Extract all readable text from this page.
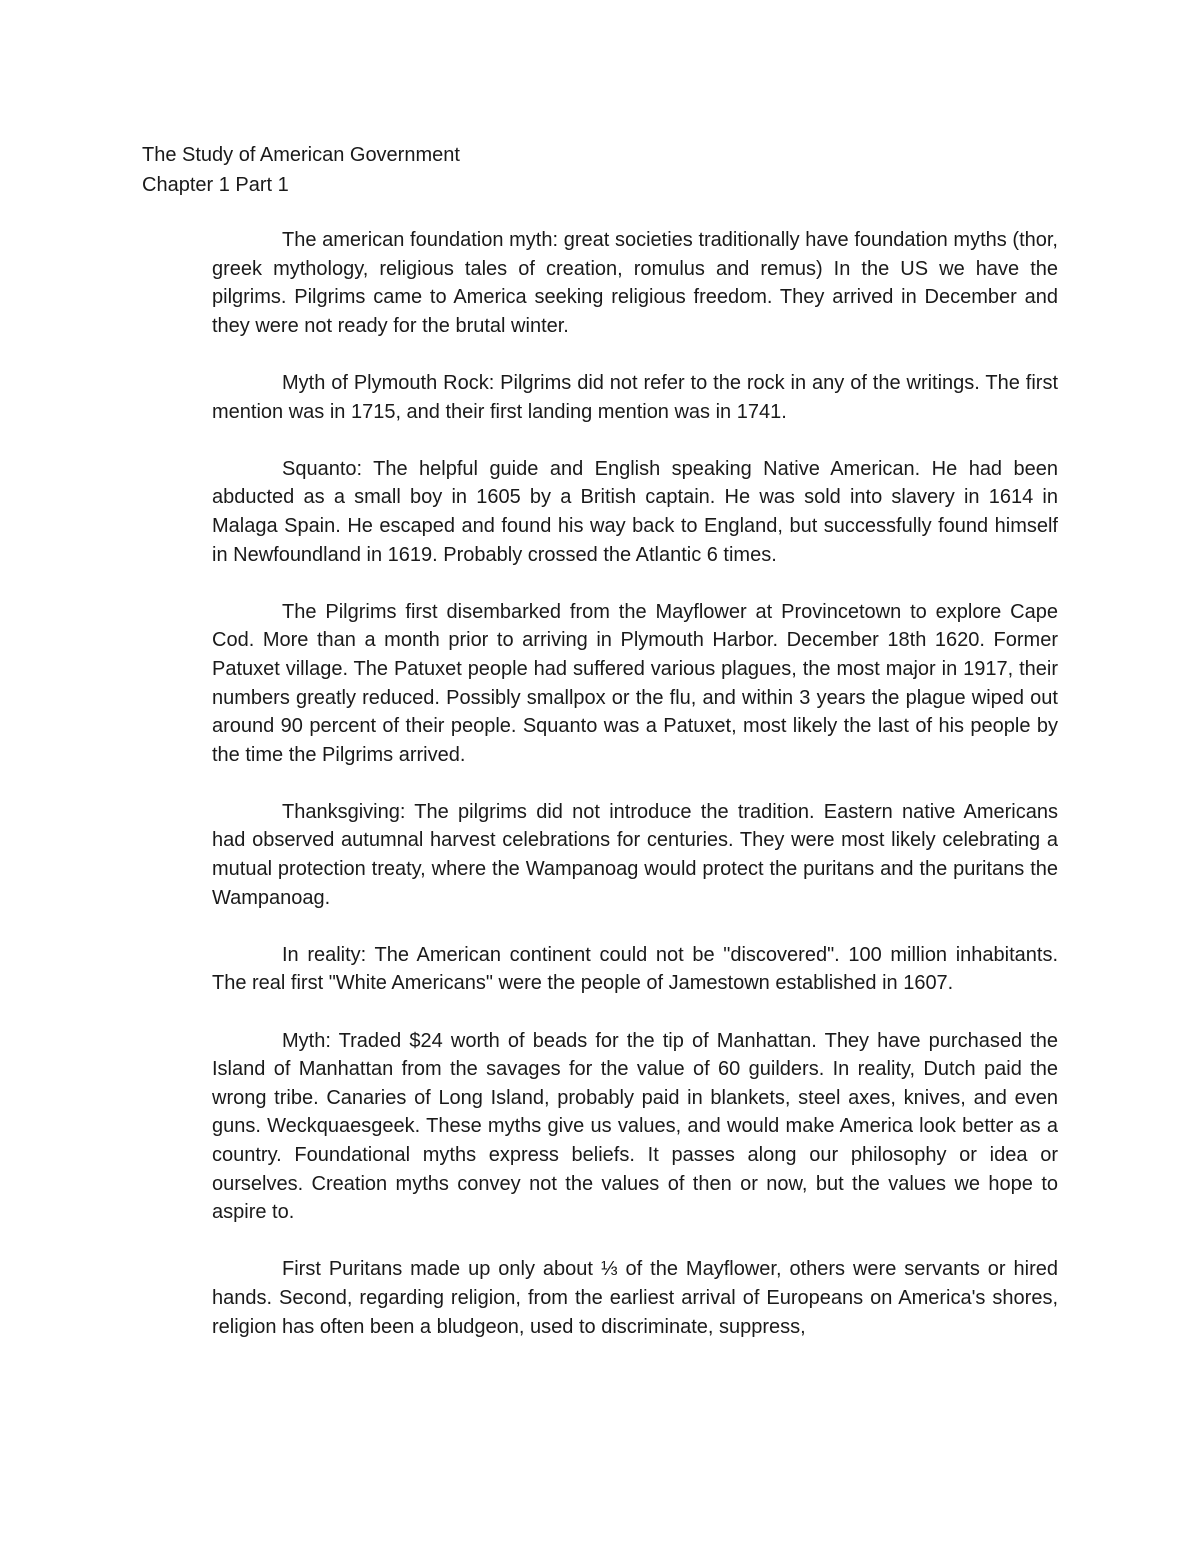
The Study of American Government
Chapter 1 Part 1

The american foundation myth: great societies traditionally have foundation myths (thor, greek mythology, religious tales of creation, romulus and remus) In the US we have the pilgrims. Pilgrims came to America seeking religious freedom. They arrived in December and they were not ready for the brutal winter.

Myth of Plymouth Rock: Pilgrims did not refer to the rock in any of the writings. The first mention was in 1715, and their first landing mention was in 1741.

Squanto: The helpful guide and English speaking Native American. He had been abducted as a small boy in 1605 by a British captain. He was sold into slavery in 1614 in Malaga Spain. He escaped and found his way back to England, but successfully found himself in Newfoundland in 1619. Probably crossed the Atlantic 6 times.

The Pilgrims first disembarked from the Mayflower at Provincetown to explore Cape Cod. More than a month prior to arriving in Plymouth Harbor. December 18th 1620. Former Patuxet village. The Patuxet people had suffered various plagues, the most major in 1917, their numbers greatly reduced. Possibly smallpox or the flu, and within 3 years the plague wiped out around 90 percent of their people. Squanto was a Patuxet, most likely the last of his people by the time the Pilgrims arrived.

Thanksgiving: The pilgrims did not introduce the tradition. Eastern native Americans had observed autumnal harvest celebrations for centuries. They were most likely celebrating a mutual protection treaty, where the Wampanoag would protect the puritans and the puritans the Wampanoag.

In reality: The American continent could not be "discovered". 100 million inhabitants. The real first "White Americans" were the people of Jamestown established in 1607.

Myth: Traded $24 worth of beads for the tip of Manhattan. They have purchased the Island of Manhattan from the savages for the value of 60 guilders. In reality, Dutch paid the wrong tribe. Canaries of Long Island, probably paid in blankets, steel axes, knives, and even guns. Weckquaesgeek. These myths give us values, and would make America look better as a country. Foundational myths express beliefs. It passes along our philosophy or idea or ourselves. Creation myths convey not the values of then or now, but the values we hope to aspire to.

First Puritans made up only about ⅓ of the Mayflower, others were servants or hired hands. Second, regarding religion, from the earliest arrival of Europeans on America's shores, religion has often been a bludgeon, used to discriminate, suppress,
